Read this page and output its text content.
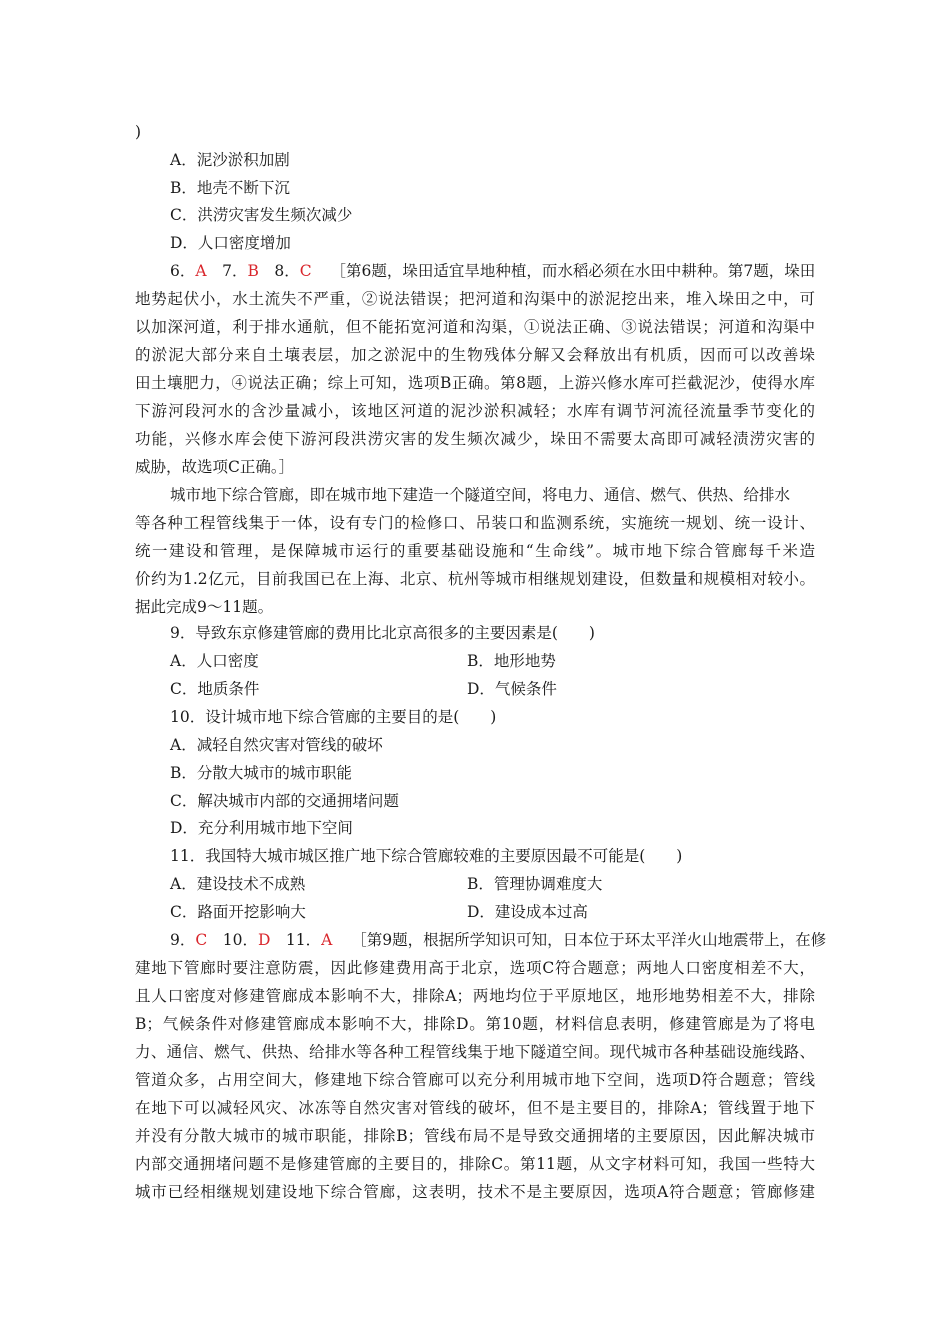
)
A．泥沙淤积加剧
B．地壳不断下沉
C．洪涝灾害发生频次减少
D．人口密度增加
6．A　7．B　8．C ［第6题，垛田适宜旱地种植，而水稻必须在水田中耕种。第7题，垛田
地势起伏小，水土流失不严重，②说法错误；把河道和沟渠中的淤泥挖出来，堆入垛田之中，可
以加深河道，利于排水通航，但不能拓宽河道和沟渠，①说法正确、③说法错误；河道和沟渠中
的淤泥大部分来自土壤表层，加之淤泥中的生物残体分解又会释放出有机质，因而可以改善垛
田土壤肥力，④说法正确；综上可知，选项B正确。第8题，上游兴修水库可拦截泥沙，使得水库
下游河段河水的含沙量减小，该地区河道的泥沙淤积减轻；水库有调节河流径流量季节变化的
功能，兴修水库会使下游河段洪涝灾害的发生频次减少，垛田不需要太高即可减轻渍涝灾害的
威胁，故选项C正确。］
城市地下综合管廊，即在城市地下建造一个隧道空间，将电力、通信、燃气、供热、给排水
等各种工程管线集于一体，设有专门的检修口、吊装口和监测系统，实施统一规划、统一设计、
统一建设和管理，是保障城市运行的重要基础设施和“生命线”。城市地下综合管廊每千米造
价约为1.2亿元，目前我国已在上海、北京、杭州等城市相继规划建设，但数量和规模相对较小。
据此完成9～11题。
9．导致东京修建管廊的费用比北京高很多的主要因素是(　　)
A．人口密度	B．地形地势
C．地质条件	D．气候条件
10．设计城市地下综合管廊的主要目的是(　　)
A．减轻自然灾害对管线的破坏
B．分散大城市的城市职能
C．解决城市内部的交通拥堵问题
D．充分利用城市地下空间
11．我国特大城市城区推广地下综合管廊较难的主要原因最不可能是(　　)
A．建设技术不成熟	B．管理协调难度大
C．路面开挖影响大	D．建设成本过高
9．C　10．D　11．A ［第9题，根据所学知识可知，日本位于环太平洋火山地震带上，在修
建地下管廊时要注意防震，因此修建费用高于北京，选项C符合题意；两地人口密度相差不大，
且人口密度对修建管廊成本影响不大，排除A；两地均位于平原地区，地形地势相差不大，排除
B；气候条件对修建管廊成本影响不大，排除D。第10题，材料信息表明，修建管廊是为了将电
力、通信、燃气、供热、给排水等各种工程管线集于地下隧道空间。现代城市各种基础设施线路、
管道众多，占用空间大，修建地下综合管廊可以充分利用城市地下空间，选项D符合题意；管线
在地下可以减轻风灾、冰冻等自然灾害对管线的破坏，但不是主要目的，排除A；管线置于地下
并没有分散大城市的城市职能，排除B；管线布局不是导致交通拥堵的主要原因，因此解决城市
内部交通拥堵问题不是修建管廊的主要目的，排除C。第11题，从文字材料可知，我国一些特大
城市已经相继规划建设地下综合管廊，这表明，技术不是主要原因，选项A符合题意；管廊修建
